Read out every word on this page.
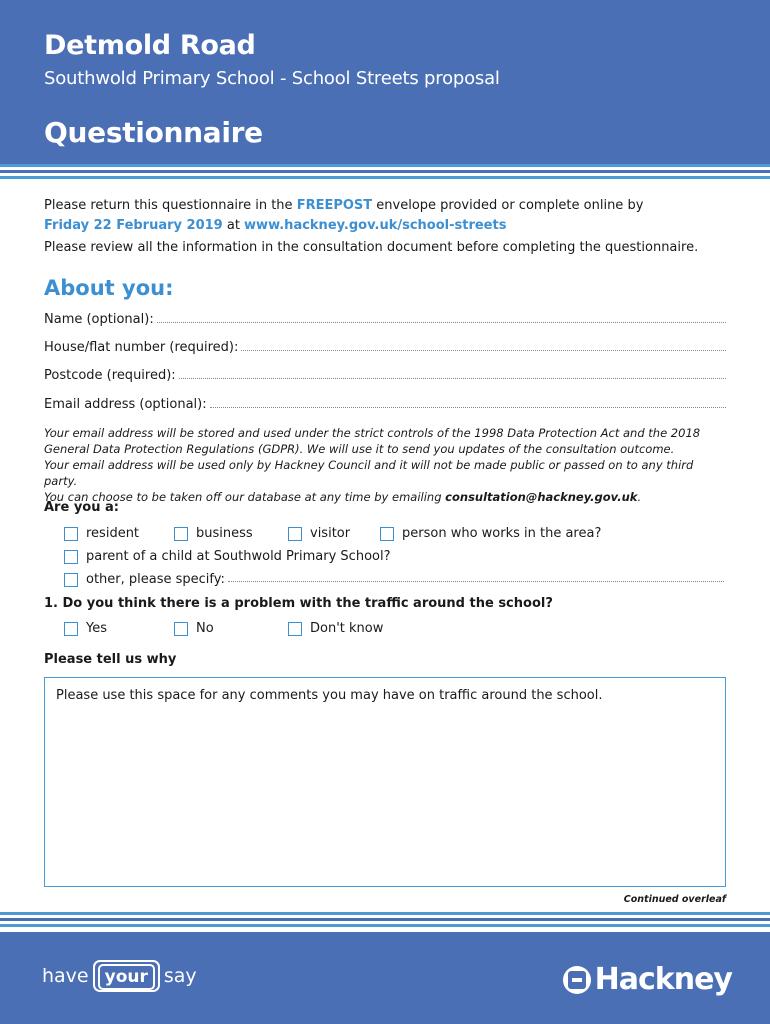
Detmold Road
Southwold Primary School - School Streets proposal
Questionnaire
Please return this questionnaire in the FREEPOST envelope provided or complete online by
Friday 22 February 2019 at www.hackney.gov.uk/school-streets
Please review all the information in the consultation document before completing the questionnaire.
About you:
Name (optional):
House/flat number (required):
Postcode (required):
Email address (optional):
Your email address will be stored and used under the strict controls of the 1998 Data Protection Act and the 2018
General Data Protection Regulations (GDPR). We will use it to send you updates of the consultation outcome.
Your email address will be used only by Hackney Council and it will not be made public or passed on to any third party.
You can choose to be taken off our database at any time by emailing consultation@hackney.gov.uk.
Are you a:
resident	business	visitor	person who works in the area?
parent of a child at Southwold Primary School?
other, please specify:
1. Do you think there is a problem with the traffic around the school?
Yes	No	Don't know
Please tell us why
Please use this space for any comments you may have on traffic around the school.
Continued overleaf
have your say	Hackney
